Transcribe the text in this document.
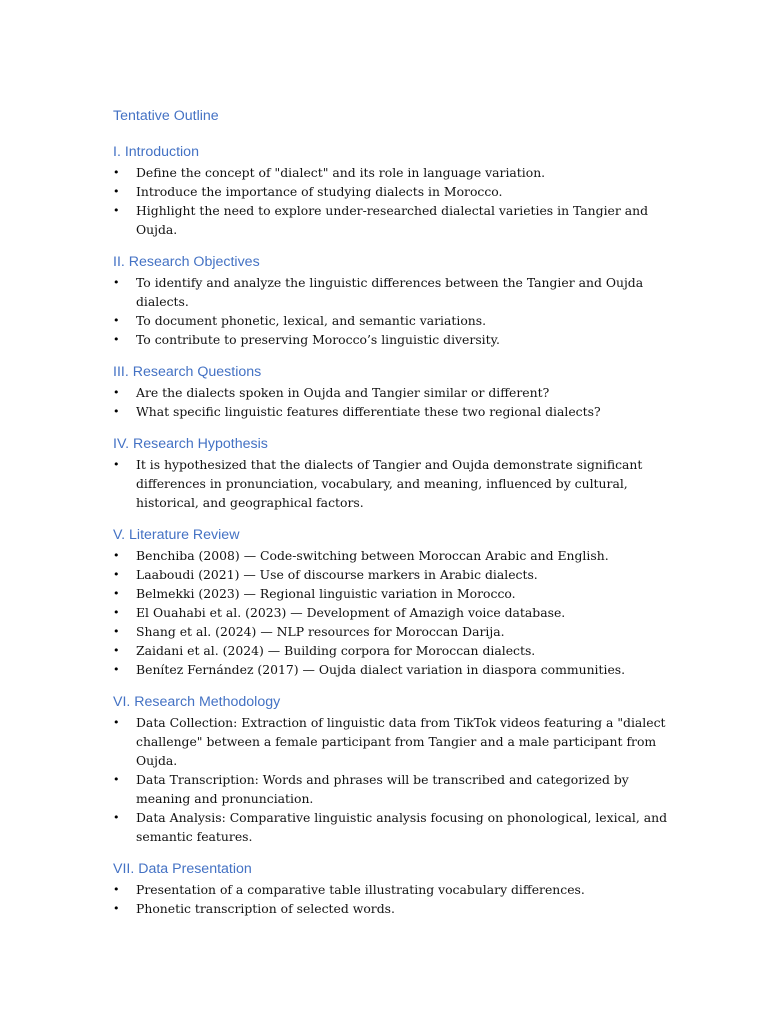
Tentative Outline
I. Introduction
•	Define the concept of "dialect" and its role in language variation.
•	Introduce the importance of studying dialects in Morocco.
•	Highlight the need to explore under-researched dialectal varieties in Tangier and Oujda.
II. Research Objectives
•	To identify and analyze the linguistic differences between the Tangier and Oujda dialects.
•	To document phonetic, lexical, and semantic variations.
•	To contribute to preserving Morocco’s linguistic diversity.
III. Research Questions
•	Are the dialects spoken in Oujda and Tangier similar or different?
•	What specific linguistic features differentiate these two regional dialects?
IV. Research Hypothesis
•	It is hypothesized that the dialects of Tangier and Oujda demonstrate significant differences in pronunciation, vocabulary, and meaning, influenced by cultural, historical, and geographical factors.
V. Literature Review
•	Benchiba (2008) — Code-switching between Moroccan Arabic and English.
•	Laaboudi (2021) — Use of discourse markers in Arabic dialects.
•	Belmekki (2023) — Regional linguistic variation in Morocco.
•	El Ouahabi et al. (2023) — Development of Amazigh voice database.
•	Shang et al. (2024) — NLP resources for Moroccan Darija.
•	Zaidani et al. (2024) — Building corpora for Moroccan dialects.
•	Benítez Fernández (2017) — Oujda dialect variation in diaspora communities.
VI. Research Methodology
•	Data Collection: Extraction of linguistic data from TikTok videos featuring a "dialect challenge" between a female participant from Tangier and a male participant from Oujda.
•	Data Transcription: Words and phrases will be transcribed and categorized by meaning and pronunciation.
•	Data Analysis: Comparative linguistic analysis focusing on phonological, lexical, and semantic features.
VII. Data Presentation
•	Presentation of a comparative table illustrating vocabulary differences.
•	Phonetic transcription of selected words.
